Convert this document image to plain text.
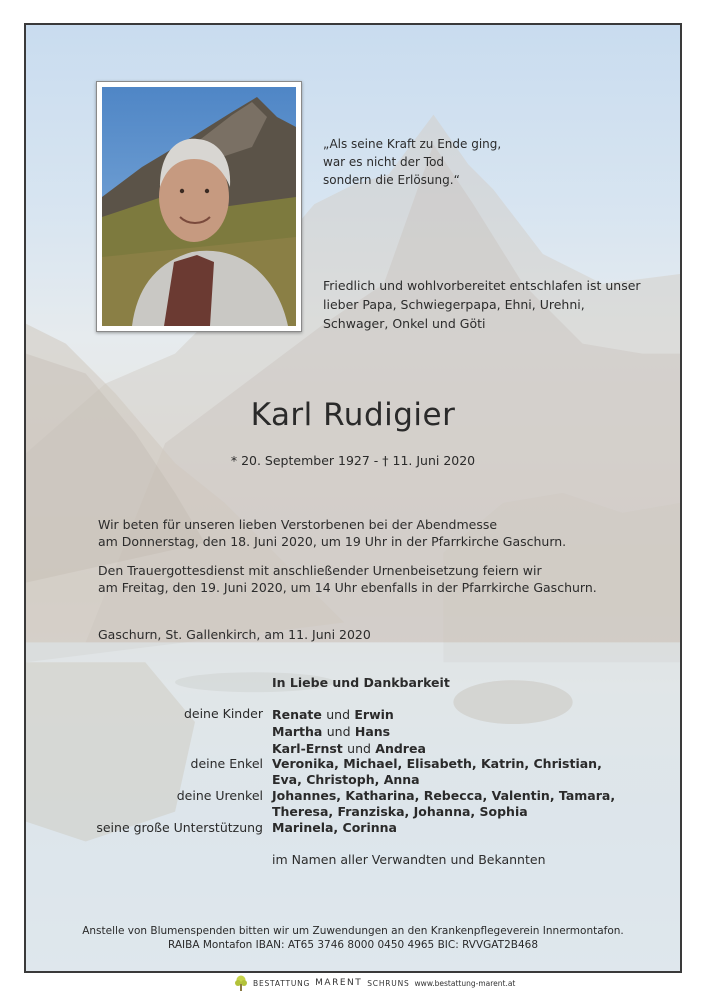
„Als seine Kraft zu Ende ging,
war es nicht der Tod
sondern die Erlösung.“
Friedlich und wohlvorbereitet entschlafen ist unser
lieber Papa, Schwiegerpapa, Ehni, Urehni,
Schwager, Onkel und Göti
Karl Rudigier
* 20. September 1927 - † 11. Juni 2020
Wir beten für unseren lieben Verstorbenen bei der Abendmesse
am Donnerstag, den 18. Juni 2020, um 19 Uhr in der Pfarrkirche Gaschurn.
Den Trauergottesdienst mit anschließender Urnenbeisetzung feiern wir
am Freitag, den 19. Juni 2020, um 14 Uhr ebenfalls in der Pfarrkirche Gaschurn.
Gaschurn, St. Gallenkirch, am 11. Juni 2020
In Liebe und Dankbarkeit
deine Kinder Renate und Erwin
Martha und Hans
Karl-Ernst und Andrea
deine Enkel Veronika, Michael, Elisabeth, Katrin, Christian,
Eva, Christoph, Anna
deine Urenkel Johannes, Katharina, Rebecca, Valentin, Tamara,
Theresa, Franziska, Johanna, Sophia
seine große Unterstützung Marinela, Corinna
im Namen aller Verwandten und Bekannten
Anstelle von Blumenspenden bitten wir um Zuwendungen an den Krankenpflegeverein Innermontafon.
RAIBA Montafon IBAN: AT65 3746 8000 0450 4965 BIC: RVVGAT2B468
BESTATTUNG MARENT SCHRUNS www.bestattung-marent.at
